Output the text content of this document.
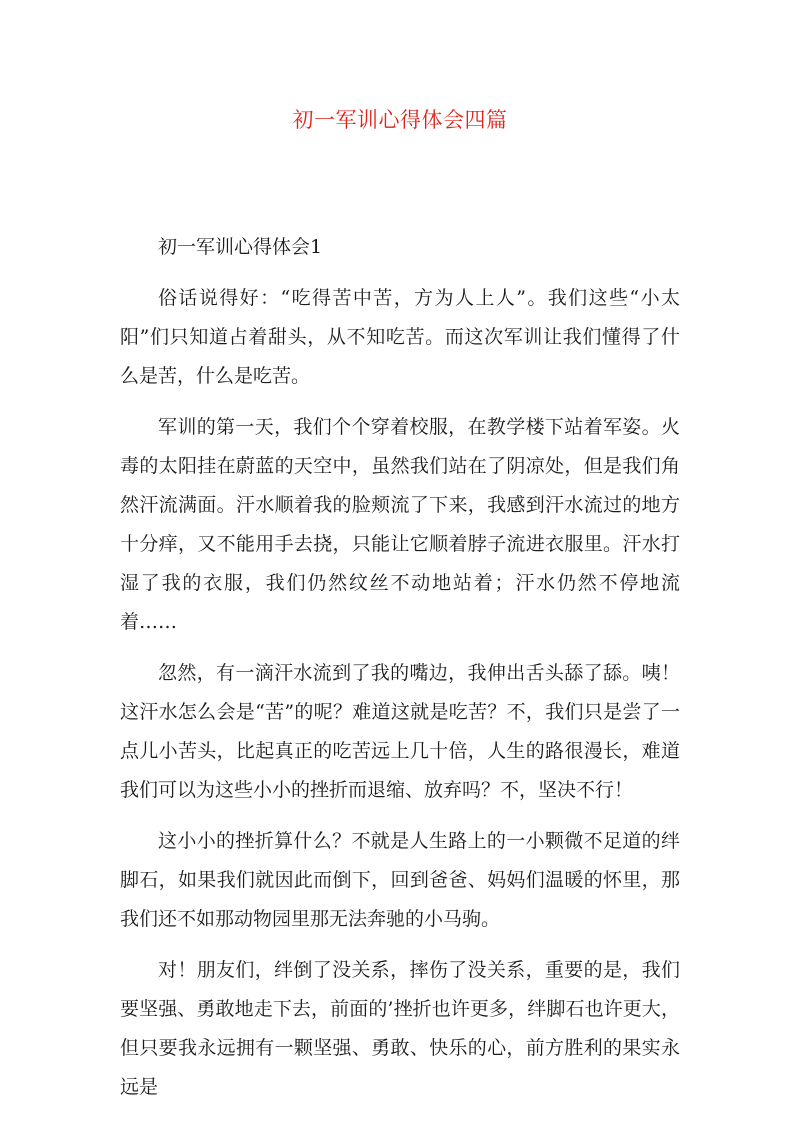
初一军训心得体会四篇

初一军训心得体会1

俗话说得好：“吃得苦中苦，方为人上人”。我们这些“小太阳”们只知道占着甜头，从不知吃苦。而这次军训让我们懂得了什么是苦，什么是吃苦。

军训的第一天，我们个个穿着校服，在教学楼下站着军姿。火毒的太阳挂在蔚蓝的天空中，虽然我们站在了阴凉处，但是我们角然汗流满面。汗水顺着我的脸颊流了下来，我感到汗水流过的地方十分痒，又不能用手去挠，只能让它顺着脖子流进衣服里。汗水打湿了我的衣服，我们仍然纹丝不动地站着；汗水仍然不停地流着……

忽然，有一滴汗水流到了我的嘴边，我伸出舌头舔了舔。咦！这汗水怎么会是“苦”的呢？难道这就是吃苦？不，我们只是尝了一点儿小苦头，比起真正的吃苦远上几十倍，人生的路很漫长，难道我们可以为这些小小的挫折而退缩、放弃吗？不，坚决不行！

这小小的挫折算什么？不就是人生路上的一小颗微不足道的绊脚石，如果我们就因此而倒下，回到爸爸、妈妈们温暖的怀里，那我们还不如那动物园里那无法奔驰的小马驹。

对！朋友们，绊倒了没关系，摔伤了没关系，重要的是，我们要坚强、勇敢地走下去，前面的’挫折也许更多，绊脚石也许更大，但只要我永远拥有一颗坚强、勇敢、快乐的心，前方胜利的果实永远是
